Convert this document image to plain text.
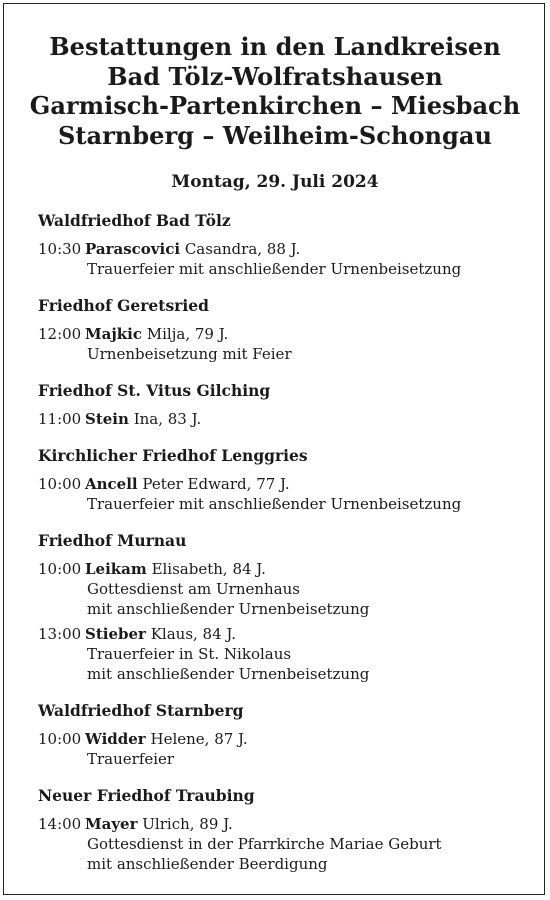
Bestattungen in den Landkreisen
Bad Tölz-Wolfratshausen
Garmisch-Partenkirchen – Miesbach
Starnberg – Weilheim-Schongau
Montag, 29. Juli 2024
Waldfriedhof Bad Tölz
10:30 Parascovici Casandra, 88 J.
Trauerfeier mit anschließender Urnenbeisetzung
Friedhof Geretsried
12:00 Majkic Milja, 79 J.
Urnenbeisetzung mit Feier
Friedhof St. Vitus Gilching
11:00 Stein Ina, 83 J.
Kirchlicher Friedhof Lenggries
10:00 Ancell Peter Edward, 77 J.
Trauerfeier mit anschließender Urnenbeisetzung
Friedhof Murnau
10:00 Leikam Elisabeth, 84 J.
Gottesdienst am Urnenhaus
mit anschließender Urnenbeisetzung
13:00 Stieber Klaus, 84 J.
Trauerfeier in St. Nikolaus
mit anschließender Urnenbeisetzung
Waldfriedhof Starnberg
10:00 Widder Helene, 87 J.
Trauerfeier
Neuer Friedhof Traubing
14:00 Mayer Ulrich, 89 J.
Gottesdienst in der Pfarrkirche Mariae Geburt
mit anschließender Beerdigung
